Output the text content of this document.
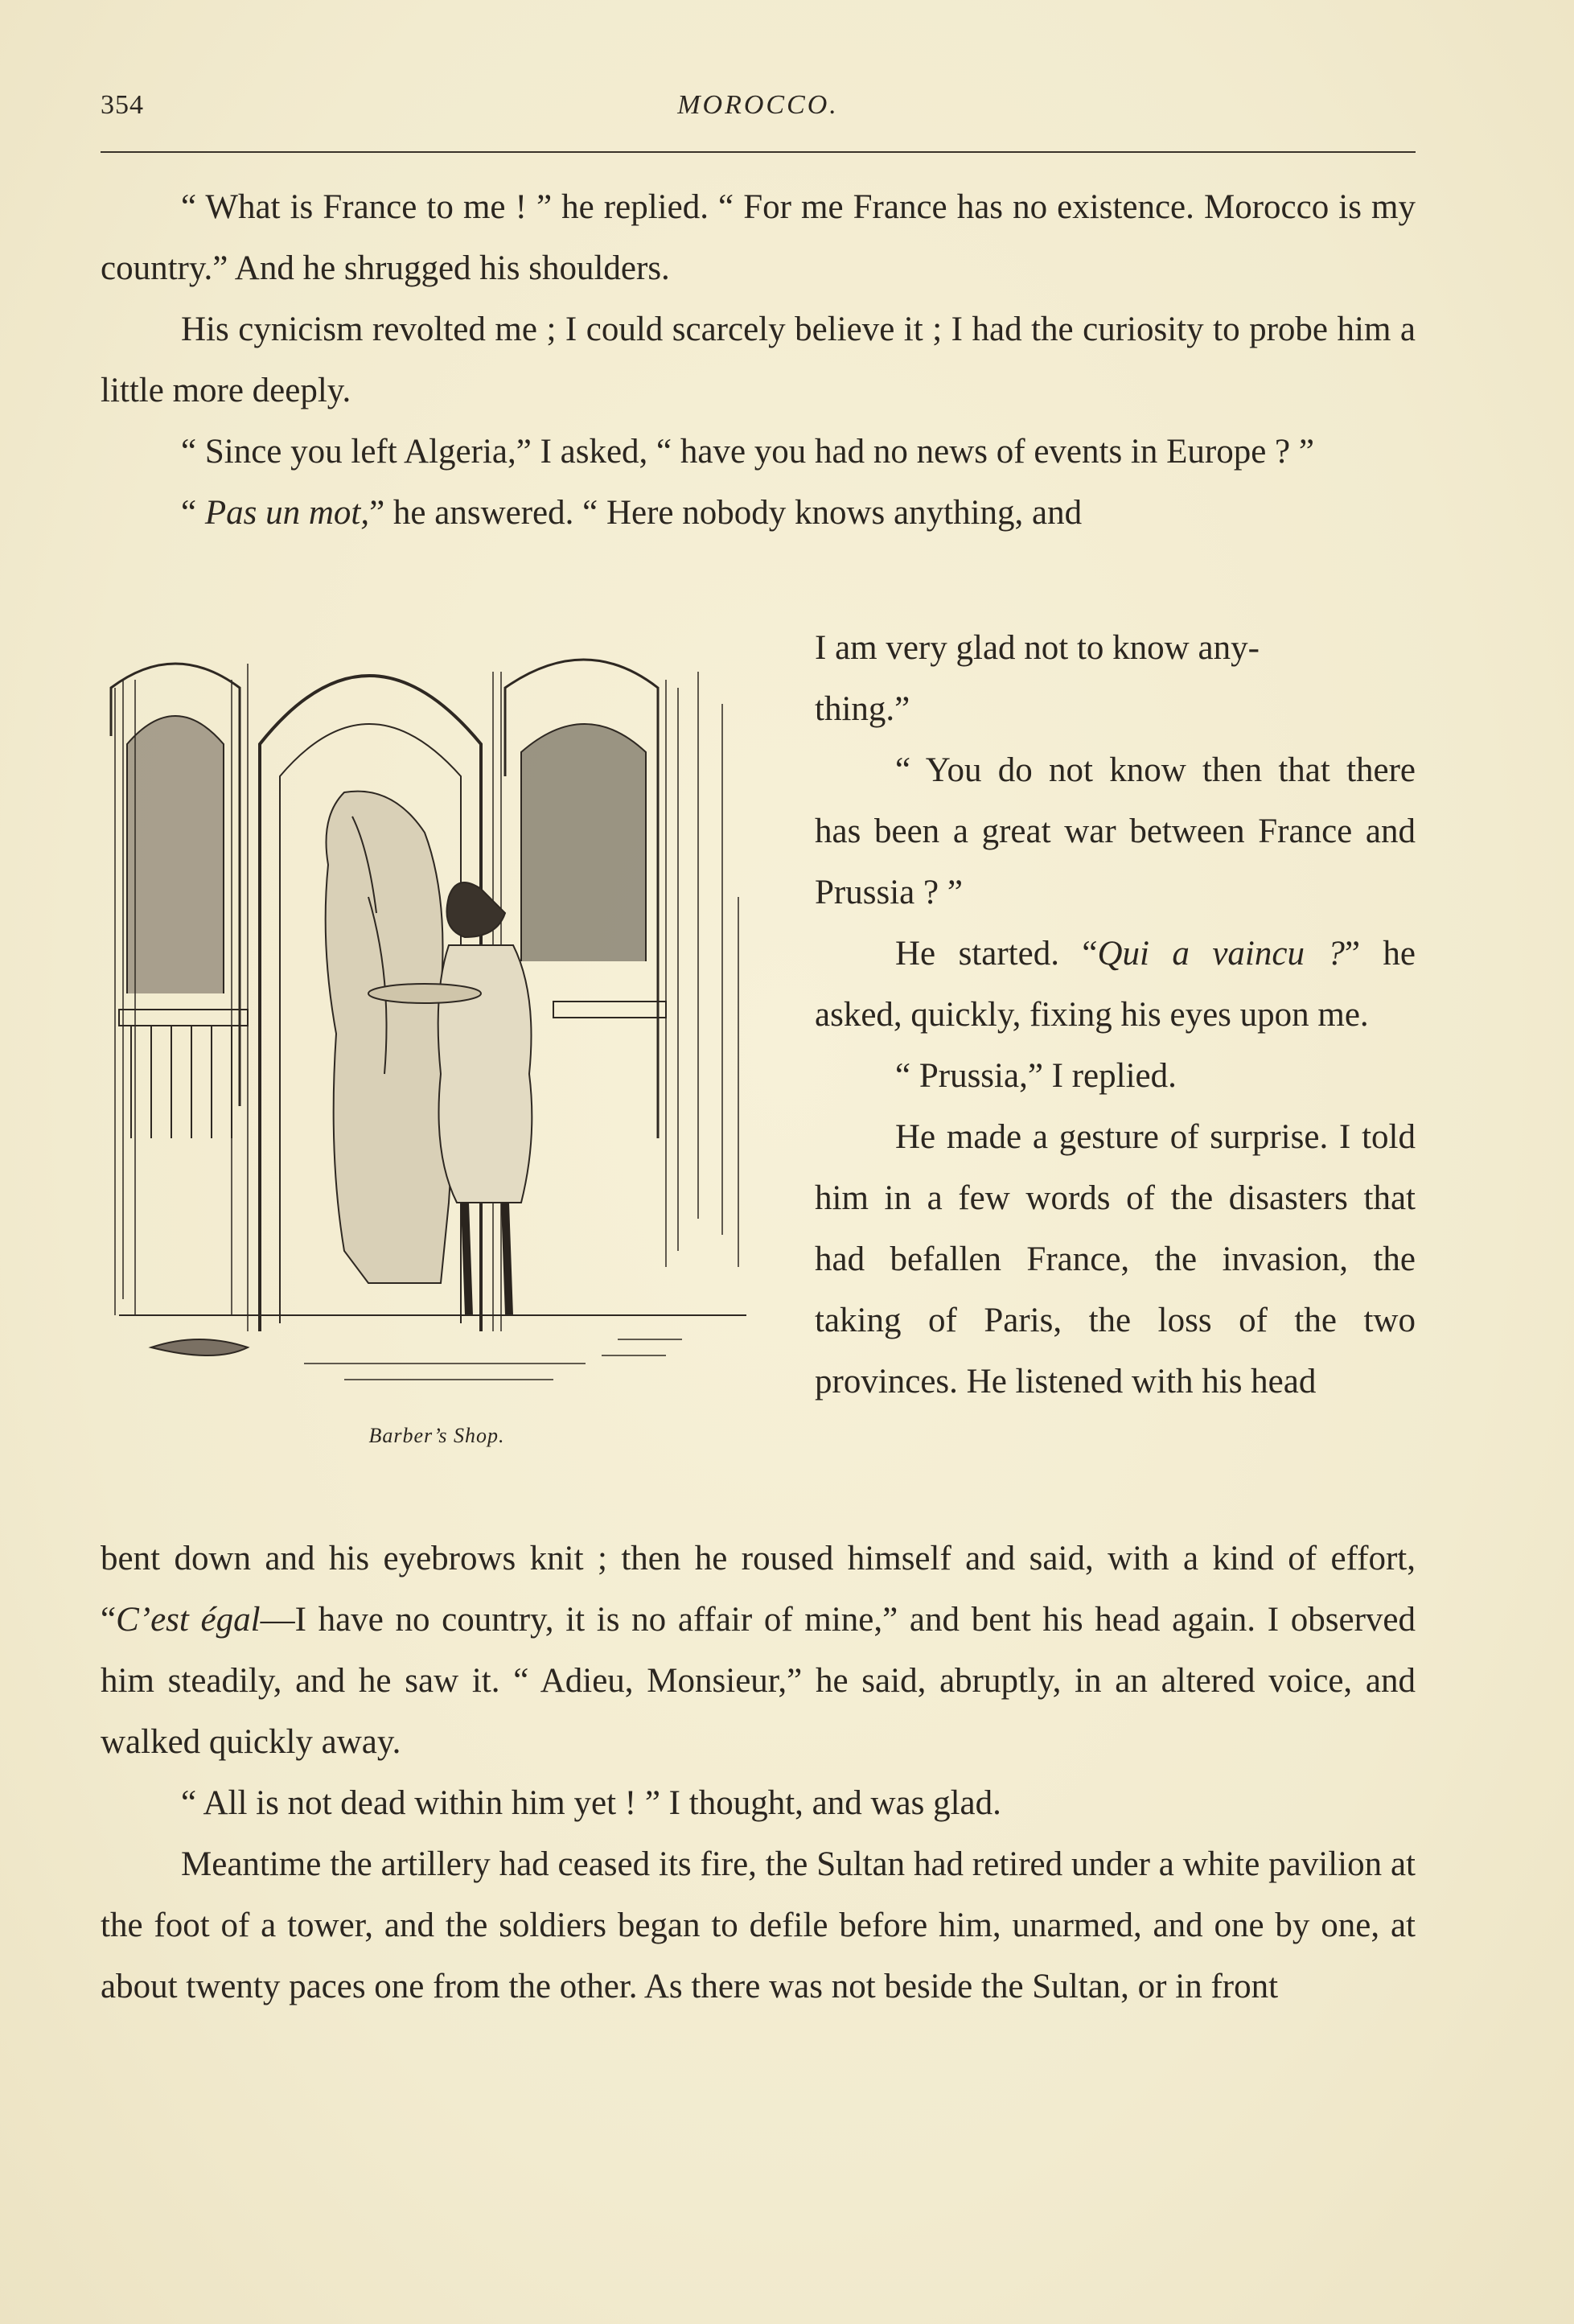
354	MOROCCO.

“ What is France to me ! ” he replied. “ For me France has no existence. Morocco is my country.” And he shrugged his shoulders.

His cynicism revolted me ; I could scarcely believe it ; I had the curiosity to probe him a little more deeply.

“ Since you left Algeria,” I asked, “ have you had no news of events in Europe ? ”

“ Pas un mot,” he answered. “ Here nobody knows anything, and

Barber’s Shop.

I am very glad not to know any-
thing.”

“ You do not know then that there has been a great war between France and Prussia ? ”

He started. “Qui a vaincu ?” he asked, quickly, fixing his eyes upon me.

“ Prussia,” I replied.

He made a gesture of surprise. I told him in a few words of the disasters that had befallen France, the invasion, the taking of Paris, the loss of the two provinces. He listened with his head

bent down and his eyebrows knit ; then he roused himself and said, with a kind of effort, “C’est égal—I have no country, it is no affair of mine,” and bent his head again. I observed him steadily, and he saw it. “ Adieu, Monsieur,” he said, abruptly, in an altered voice, and walked quickly away.

“ All is not dead within him yet ! ” I thought, and was glad.

Meantime the artillery had ceased its fire, the Sultan had retired under a white pavilion at the foot of a tower, and the soldiers began to defile before him, unarmed, and one by one, at about twenty paces one from the other. As there was not beside the Sultan, or in front
